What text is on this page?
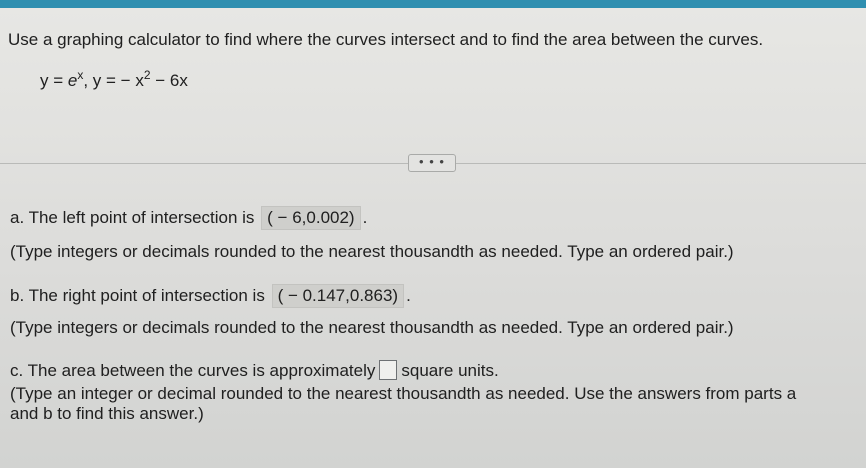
Use a graphing calculator to find where the curves intersect and to find the area between the curves.
$y = e^x$, y = − $x^2 - 6x$
• • •
a. The left point of intersection is ( − 6,0.002) .
(Type integers or decimals rounded to the nearest thousandth as needed. Type an ordered pair.)
b. The right point of intersection is ( − 0.147,0.863) .
(Type integers or decimals rounded to the nearest thousandth as needed. Type an ordered pair.)
c. The area between the curves is approximately square units.
(Type an integer or decimal rounded to the nearest thousandth as needed. Use the answers from parts a
and b to find this answer.)
